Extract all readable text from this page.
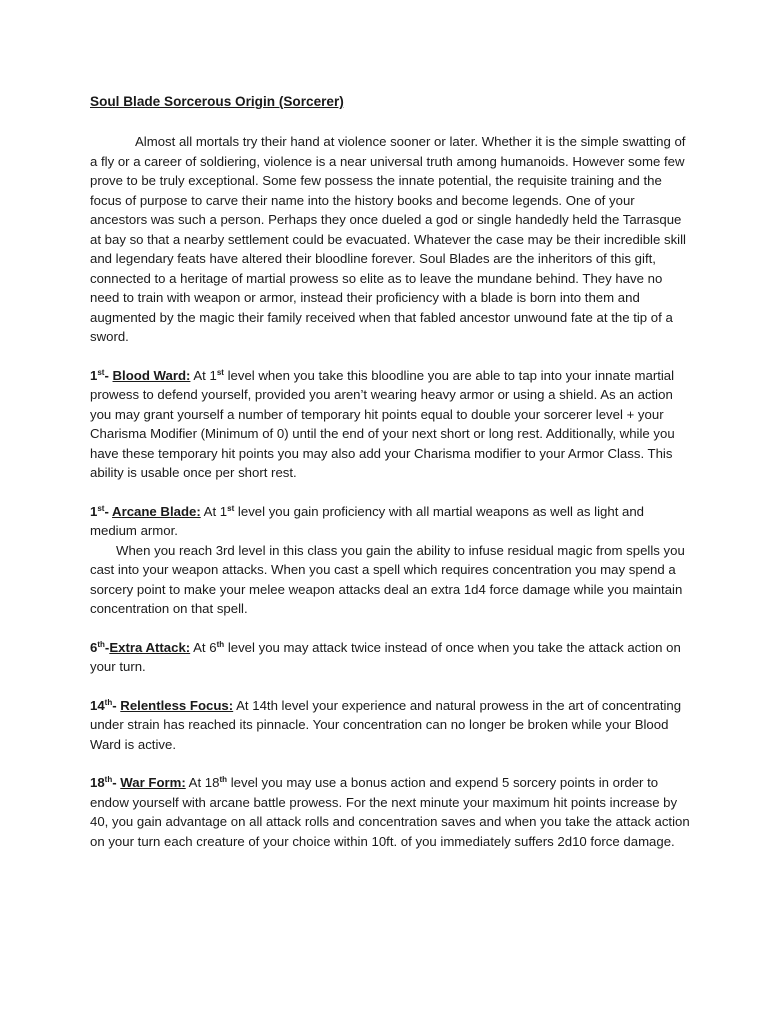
Soul Blade Sorcerous Origin (Sorcerer)

Almost all mortals try their hand at violence sooner or later. Whether it is the simple swatting of a fly or a career of soldiering, violence is a near universal truth among humanoids. However some few prove to be truly exceptional. Some few possess the innate potential, the requisite training and the focus of purpose to carve their name into the history books and become legends. One of your ancestors was such a person. Perhaps they once dueled a god or single handedly held the Tarrasque at bay so that a nearby settlement could be evacuated. Whatever the case may be their incredible skill and legendary feats have altered their bloodline forever. Soul Blades are the inheritors of this gift, connected to a heritage of martial prowess so elite as to leave the mundane behind. They have no need to train with weapon or armor, instead their proficiency with a blade is born into them and augmented by the magic their family received when that fabled ancestor unwound fate at the tip of a sword.

1st- Blood Ward: At 1st level when you take this bloodline you are able to tap into your innate martial prowess to defend yourself, provided you aren’t wearing heavy armor or using a shield. As an action you may grant yourself a number of temporary hit points equal to double your sorcerer level + your Charisma Modifier (Minimum of 0) until the end of your next short or long rest. Additionally, while you have these temporary hit points you may also add your Charisma modifier to your Armor Class. This ability is usable once per short rest.

1st- Arcane Blade: At 1st level you gain proficiency with all martial weapons as well as light and medium armor.

When you reach 3rd level in this class you gain the ability to infuse residual magic from spells you cast into your weapon attacks. When you cast a spell which requires concentration you may spend a sorcery point to make your melee weapon attacks deal an extra 1d4 force damage while you maintain concentration on that spell.

6th-Extra Attack: At 6th level you may attack twice instead of once when you take the attack action on your turn.

14th- Relentless Focus: At 14th level your experience and natural prowess in the art of concentrating under strain has reached its pinnacle. Your concentration can no longer be broken while your Blood Ward is active.

18th- War Form: At 18th level you may use a bonus action and expend 5 sorcery points in order to endow yourself with arcane battle prowess. For the next minute your maximum hit points increase by 40, you gain advantage on all attack rolls and concentration saves and when you take the attack action on your turn each creature of your choice within 10ft. of you immediately suffers 2d10 force damage.
